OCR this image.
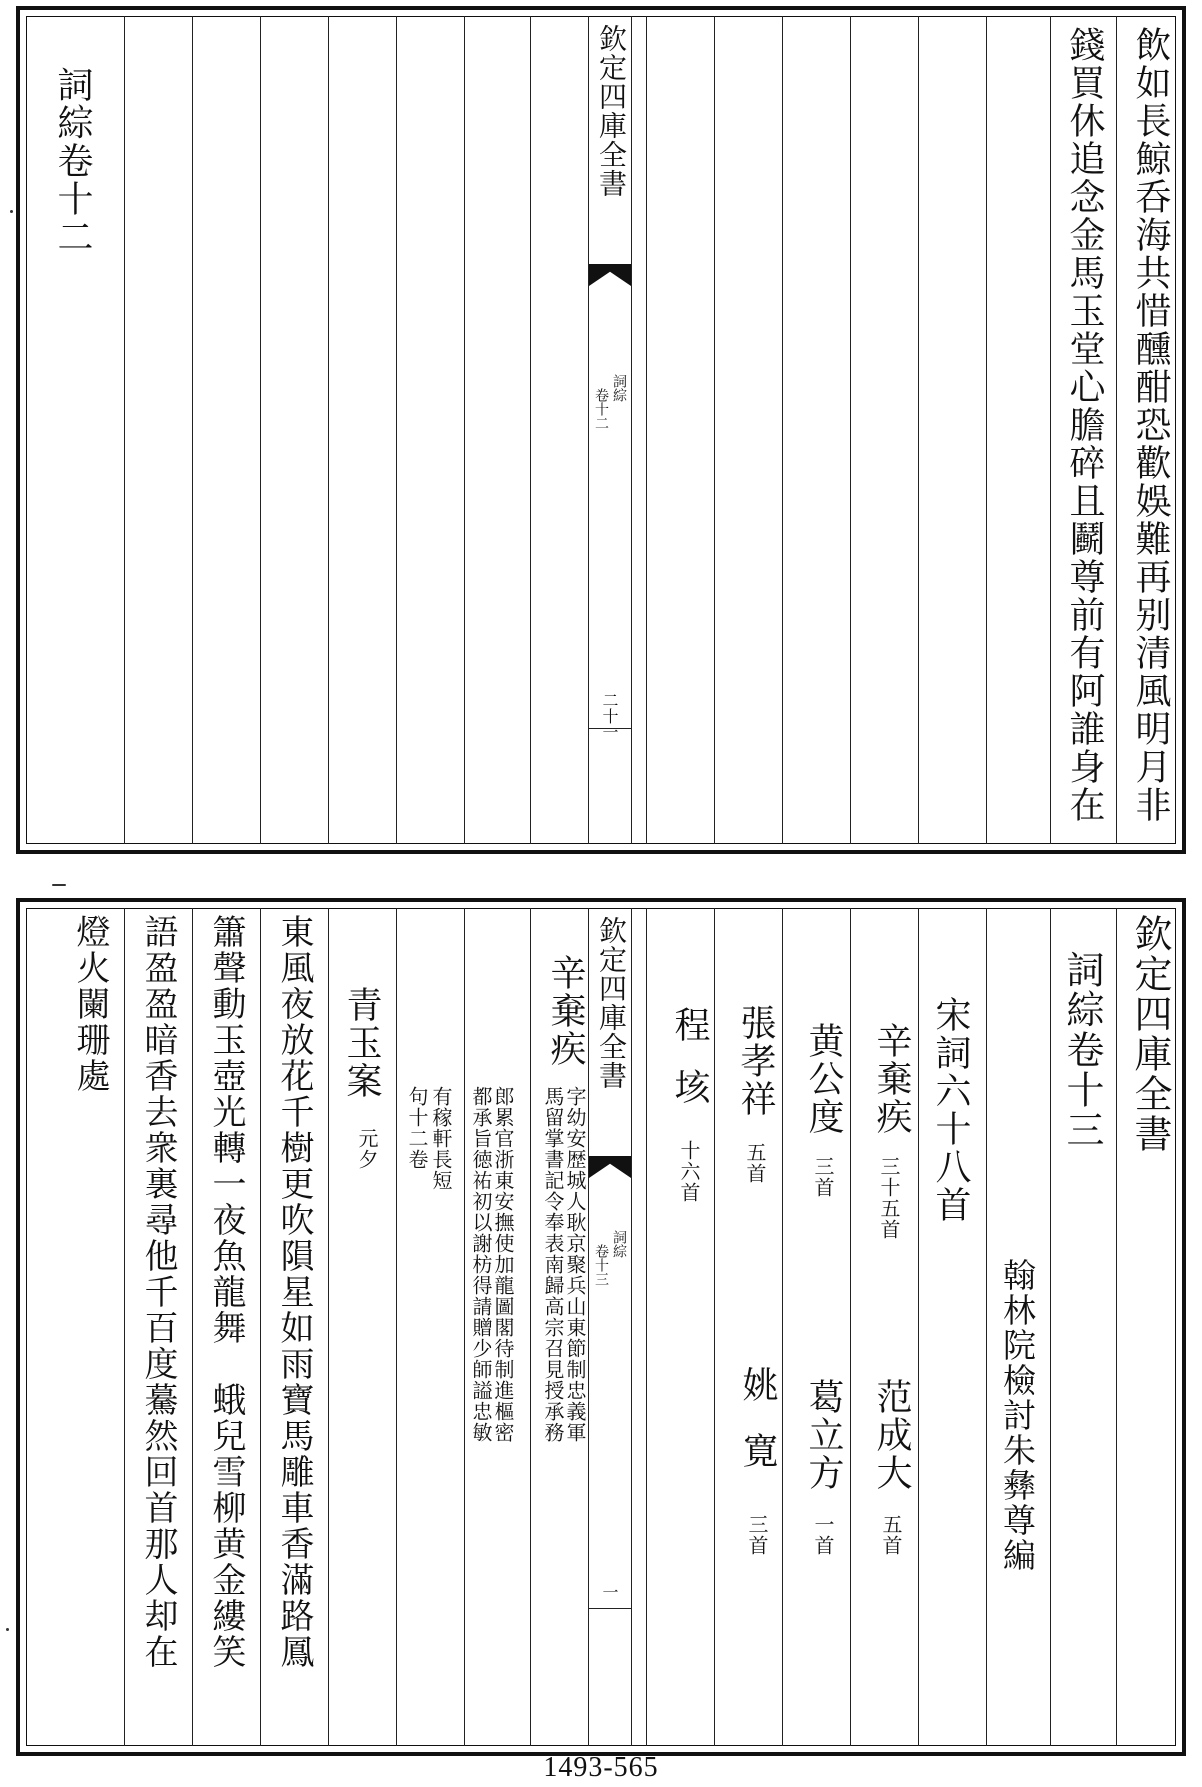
飲如長鯨呑海共惜醺酣恐歡娛難再别清風明月非
錢買休追念金馬玉堂心膽碎且鬬尊前有阿誰身在
欽定四庫全書
詞綜
卷十二
二十一
詞綜卷十二
欽定四庫全書
詞綜卷十三
翰林院檢討朱彝尊編
宋詞六十八首
辛棄疾
三十五首
范成大
五首
黄公度
三首
葛立方
一首
張孝祥
五首
姚寛
三首
程垓
十六首
欽定四庫全書
詞綜
卷十三
一
辛棄疾
字幼安歴城人耿京聚兵山東節制忠義軍
馬留掌書記令奉表南歸高宗召見授承務
郎累官浙東安撫使加龍圖閣待制進樞密
都承旨徳祐初以謝枋得請贈少師謚忠敏
有稼軒長短
句十二卷
青玉案
元夕
東風夜放花千樹更吹隕星如雨寶馬雕車香滿路鳳
簫聲動玉壺光轉一夜魚龍舞　蛾兒雪柳黄金縷笑
語盈盈暗香去衆裏尋他千百度驀然回首那人却在
燈火闌珊處
1493-565
